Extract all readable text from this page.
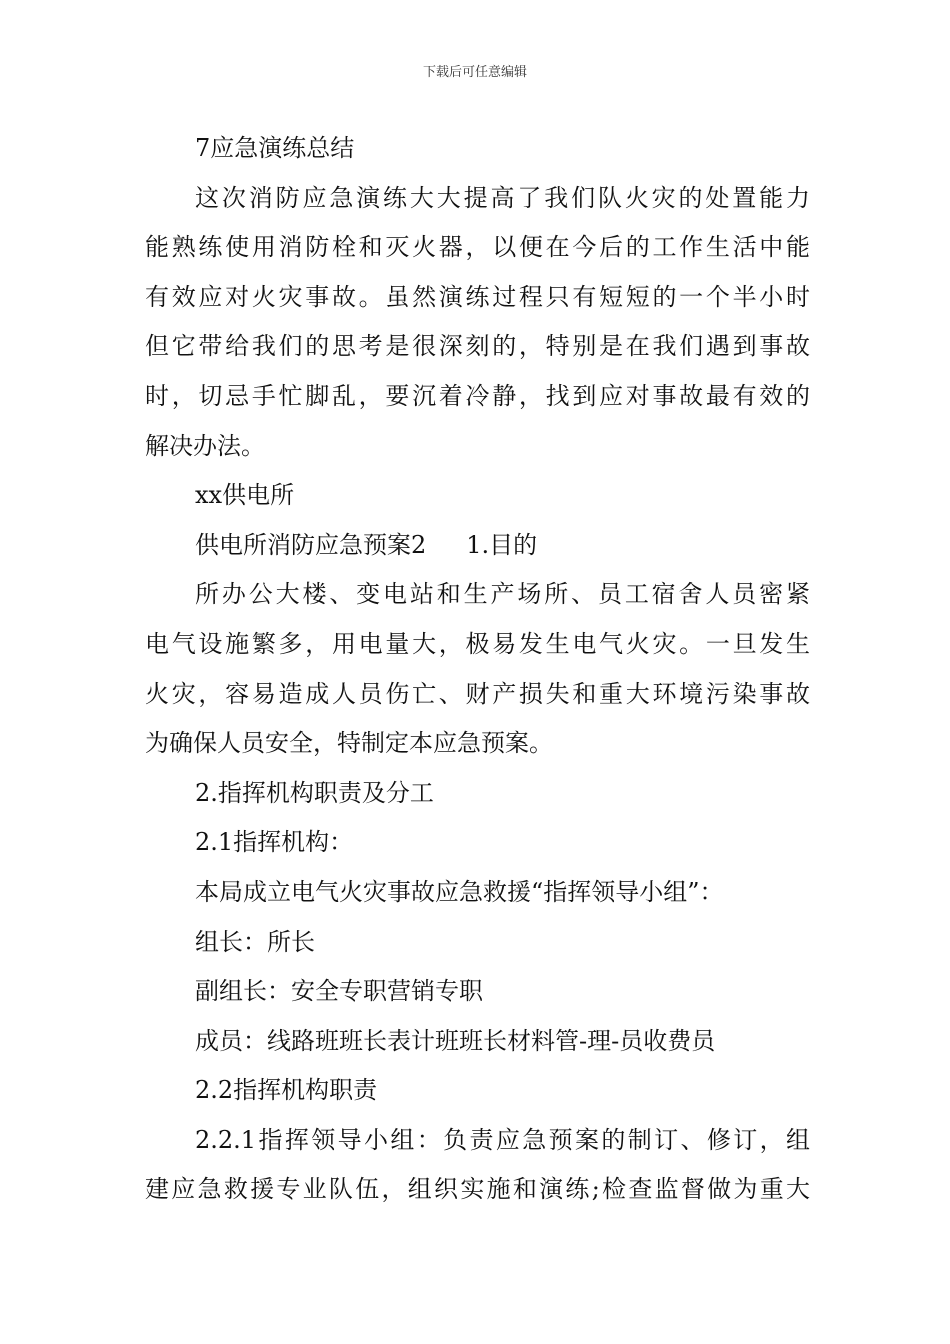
下载后可任意编辑
7应急演练总结
这次消防应急演练大大提高了我们队火灾的处置能力
能熟练使用消防栓和灭火器，以便在今后的工作生活中能
有效应对火灾事故。虽然演练过程只有短短的一个半小时
但它带给我们的思考是很深刻的，特别是在我们遇到事故
时，切忌手忙脚乱，要沉着冷静，找到应对事故最有效的
解决办法。
xx供电所
供电所消防应急预案2 1.目的
所办公大楼、变电站和生产场所、员工宿舍人员密紧
电气设施繁多，用电量大，极易发生电气火灾。一旦发生
火灾，容易造成人员伤亡、财产损失和重大环境污染事故
为确保人员安全，特制定本应急预案。
2.指挥机构职责及分工
2.1指挥机构：
本局成立电气火灾事故应急救援“指挥领导小组”：
组长：所长
副组长：安全专职营销专职
成员：线路班班长表计班班长材料管-理-员收费员
2.2指挥机构职责
2.2.1指挥领导小组：负责应急预案的制订、修订，组
建应急救援专业队伍，组织实施和演练;检查监督做为重大
